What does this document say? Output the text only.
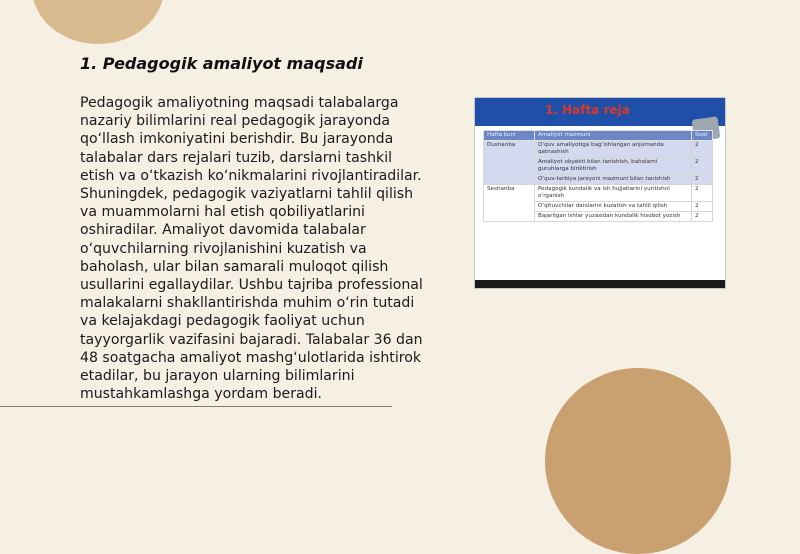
1. Pedagogik amaliyot maqsadi

Pedagogik amaliyotning maqsadi talabalarga nazariy bilimlarini real pedagogik jarayonda qo‘llash imkoniyatini berishdir. Bu jarayonda talabalar dars rejalari tuzib, darslarni tashkil etish va o‘tkazish ko‘nikmalarini rivojlantiradilar. Shuningdek, pedagogik vaziyatlarni tahlil qilish va muammolarni hal etish qobiliyatlarini oshiradilar. Amaliyot davomida talabalar o‘quvchilarning rivojlanishini kuzatish va baholash, ular bilan samarali muloqot qilish usullarini egallaydilar. Ushbu tajriba professional malakalarni shakllantirishda muhim o‘rin tutadi va kelajakdagi pedagogik faoliyat uchun tayyorgarlik vazifasini bajaradi. Talabalar 36 dan 48 soatgacha amaliyot mashg‘ulotlarida ishtirok etadilar, bu jarayon ularning bilimlarini mustahkamlashga yordam beradi.

1. Hafta reja
Hafta kuni	Amaliyot mazmuni	Soat
Dushanba	O‘quv amaliyotiga bag‘ishlangan anjumanda qatnashish	2
	Amaliyot obyekti bilan tanishish, baholarni guruhlarga biriktirish	2
	O‘quv-tarbiya jarayoni mazmuni bilan tanishish	2
Seshanba	Pedagogik kundalik va ish hujjatlarini yuritishni o‘rganish	2
	O‘qituvchilar darslarini kuzatish va tahlil qilish	2
	Bajarilgan ishlar yuzasidan kundalik hisobot yozish	2
